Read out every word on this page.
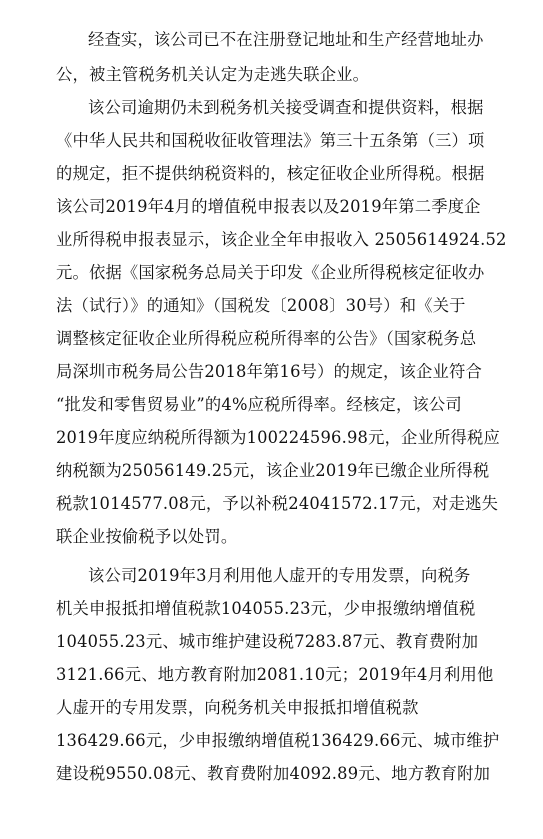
经查实，该公司已不在注册登记地址和生产经营地址办
公，被主管税务机关认定为走逃失联企业。
该公司逾期仍未到税务机关接受调查和提供资料，根据
《中华人民共和国税收征收管理法》第三十五条第（三）项
的规定，拒不提供纳税资料的，核定征收企业所得税。根据
该公司2019年4月的增值税申报表以及2019年第二季度企
业所得税申报表显示，该企业全年申报收入 2505614924.52
元。依据《国家税务总局关于印发《企业所得税核定征收办
法（试行）》的通知》（国税发〔2008〕30号）和《关于
调整核定征收企业所得税应税所得率的公告》（国家税务总
局深圳市税务局公告2018年第16号）的规定，该企业符合
“批发和零售贸易业”的4%应税所得率。经核定，该公司
2019年度应纳税所得额为100224596.98元，企业所得税应
纳税额为25056149.25元，该企业2019年已缴企业所得税
税款1014577.08元，予以补税24041572.17元，对走逃失
联企业按偷税予以处罚。
该公司2019年3月利用他人虚开的专用发票，向税务
机关申报抵扣增值税款104055.23元，少申报缴纳增值税
104055.23元、城市维护建设税7283.87元、教育费附加
3121.66元、地方教育附加2081.10元；2019年4月利用他
人虚开的专用发票，向税务机关申报抵扣增值税款
136429.66元，少申报缴纳增值税136429.66元、城市维护
建设税9550.08元、教育费附加4092.89元、地方教育附加
